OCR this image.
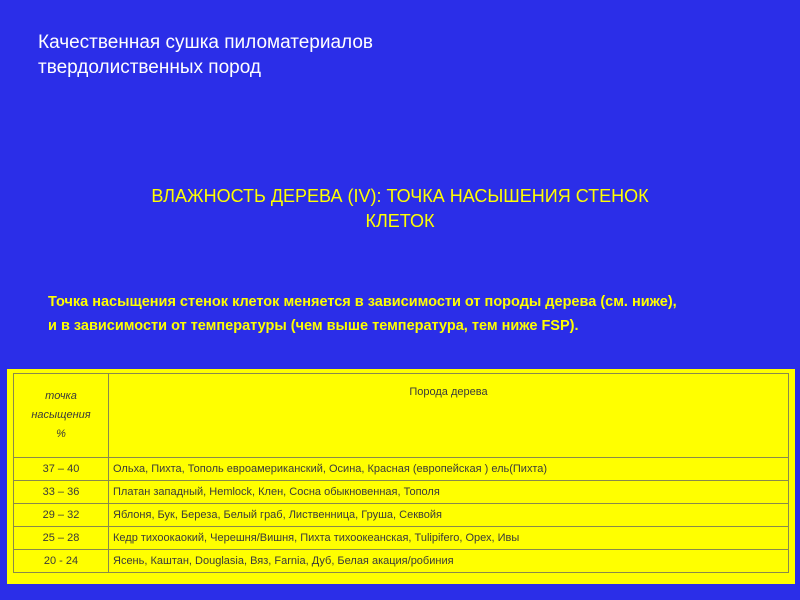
Качественная сушка пиломатериалов
твердолиственных пород
ВЛАЖНОСТЬ ДЕРЕВА (IV): ТОЧКА НАСЫШЕНИЯ СТЕНОК
КЛЕТОК
Точка насыщения стенок клеток меняется в зависимости от породы дерева (см. ниже),
и в зависимости от температуры (чем выше температура, тем ниже FSP).
точка
насыщения
%	Порода дерева
37 – 40	Ольха, Пихта, Тополь евроамериканский, Осина, Красная (европейская ) ель(Пихта)
33 – 36	Платан западный, Hemlock, Клен, Сосна обыкновенная, Тополя
29 – 32	Яблоня, Бук, Береза, Белый граб, Лиственница, Груша, Секвойя
25 – 28	Кедр тихоокаокий, Черешня/Вишня, Пихта тихоокеанская, Tulipifero, Орех, Ивы
20 - 24	Ясень, Каштан, Douglasia, Вяз, Farnia, Дуб, Белая акация/робиния
